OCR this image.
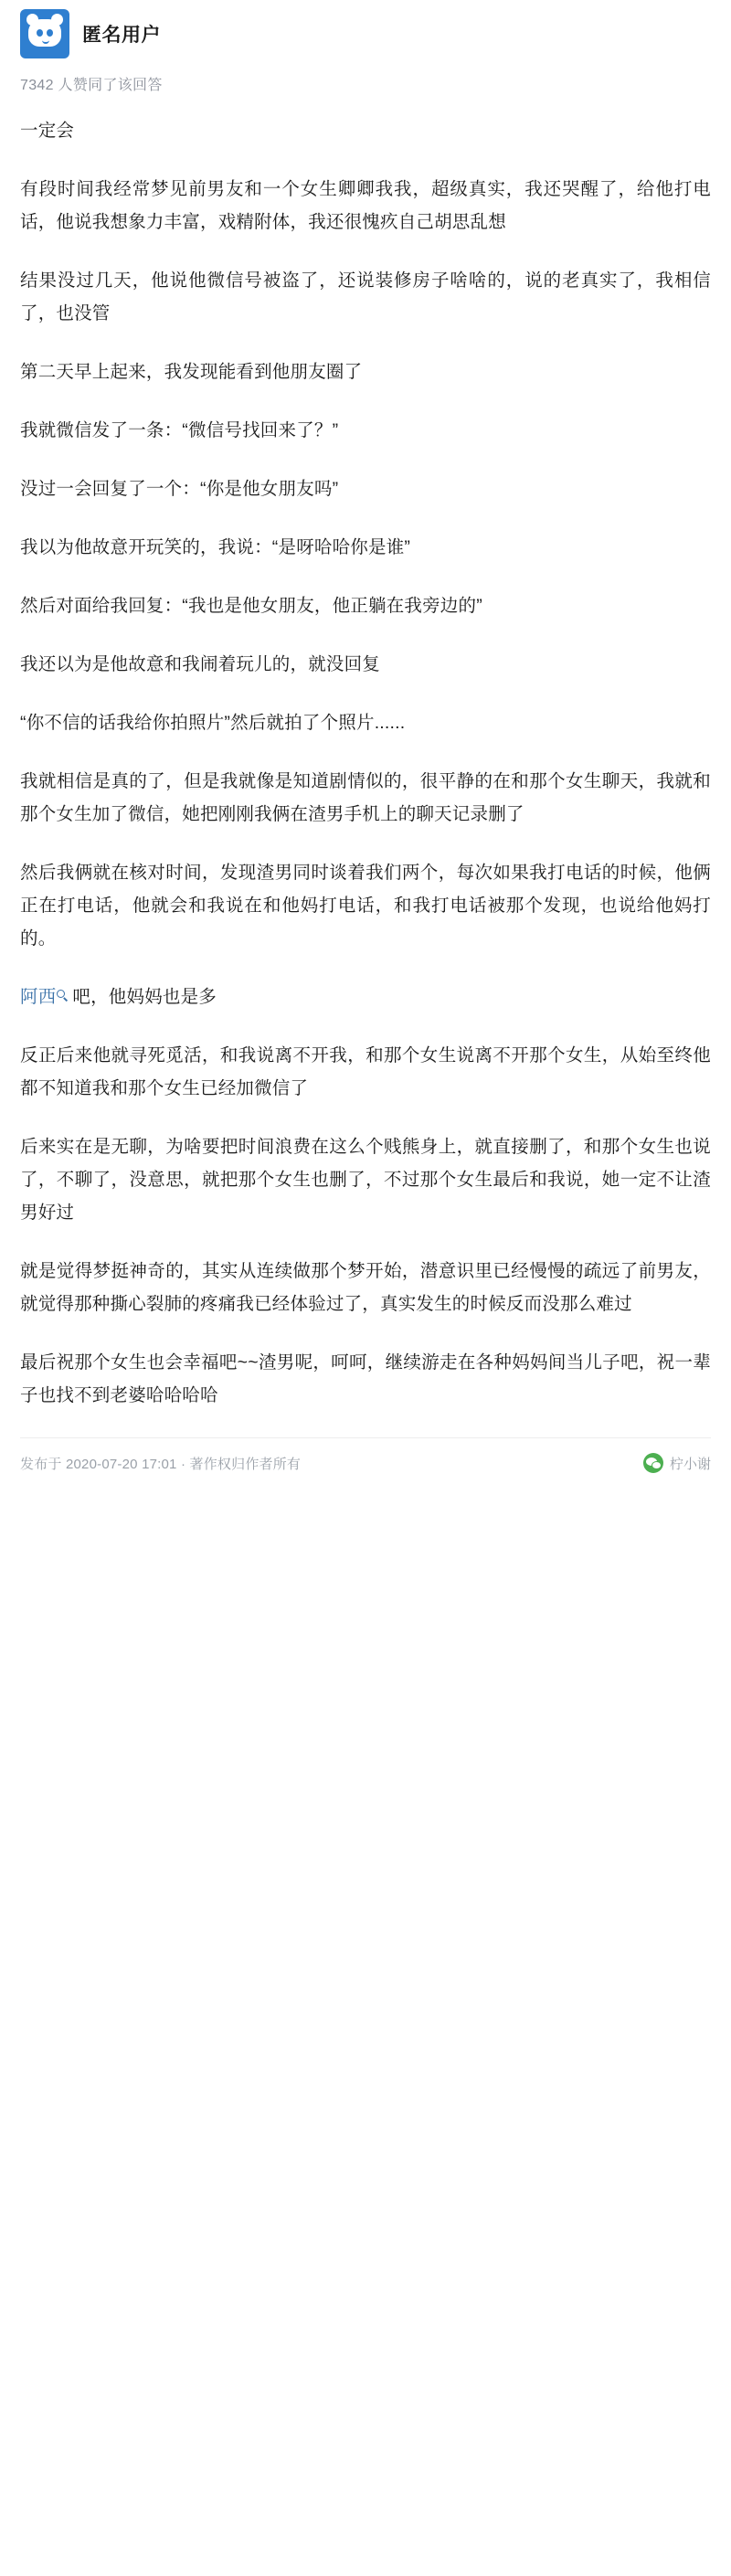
匿名用户
7342 人赞同了该回答

一定会

有段时间我经常梦见前男友和一个女生卿卿我我，超级真实，我还哭醒了，给他打电话，他说我想象力丰富，戏精附体，我还很愧疚自己胡思乱想

结果没过几天，他说他微信号被盗了，还说装修房子啥啥的，说的老真实了，我相信了，也没管

第二天早上起来，我发现能看到他朋友圈了

我就微信发了一条：“微信号找回来了？”

没过一会回复了一个：“你是他女朋友吗”

我以为他故意开玩笑的，我说：“是呀哈哈你是谁”

然后对面给我回复：“我也是他女朋友，他正躺在我旁边的”

我还以为是他故意和我闹着玩儿的，就没回复

“你不信的话我给你拍照片”然后就拍了个照片......

我就相信是真的了，但是我就像是知道剧情似的，很平静的在和那个女生聊天，我就和那个女生加了微信，她把刚刚我俩在渣男手机上的聊天记录删了

然后我俩就在核对时间，发现渣男同时谈着我们两个，每次如果我打电话的时候，他俩正在打电话，他就会和我说在和他妈打电话，和我打电话被那个发现，也说给他妈打的。

阿西 吧，他妈妈也是多

反正后来他就寻死觅活，和我说离不开我，和那个女生说离不开那个女生，从始至终他都不知道我和那个女生已经加微信了

后来实在是无聊，为啥要把时间浪费在这么个贱熊身上，就直接删了，和那个女生也说了，不聊了，没意思，就把那个女生也删了，不过那个女生最后和我说，她一定不让渣男好过

就是觉得梦挺神奇的，其实从连续做那个梦开始，潜意识里已经慢慢的疏远了前男友，就觉得那种撕心裂肺的疼痛我已经体验过了，真实发生的时候反而没那么难过

最后祝那个女生也会幸福吧~~渣男呢，呵呵，继续游走在各种妈妈间当儿子吧，祝一辈子也找不到老婆哈哈哈哈

发布于 2020-07-20 17:01 · 著作权归作者所有	柠小谢
